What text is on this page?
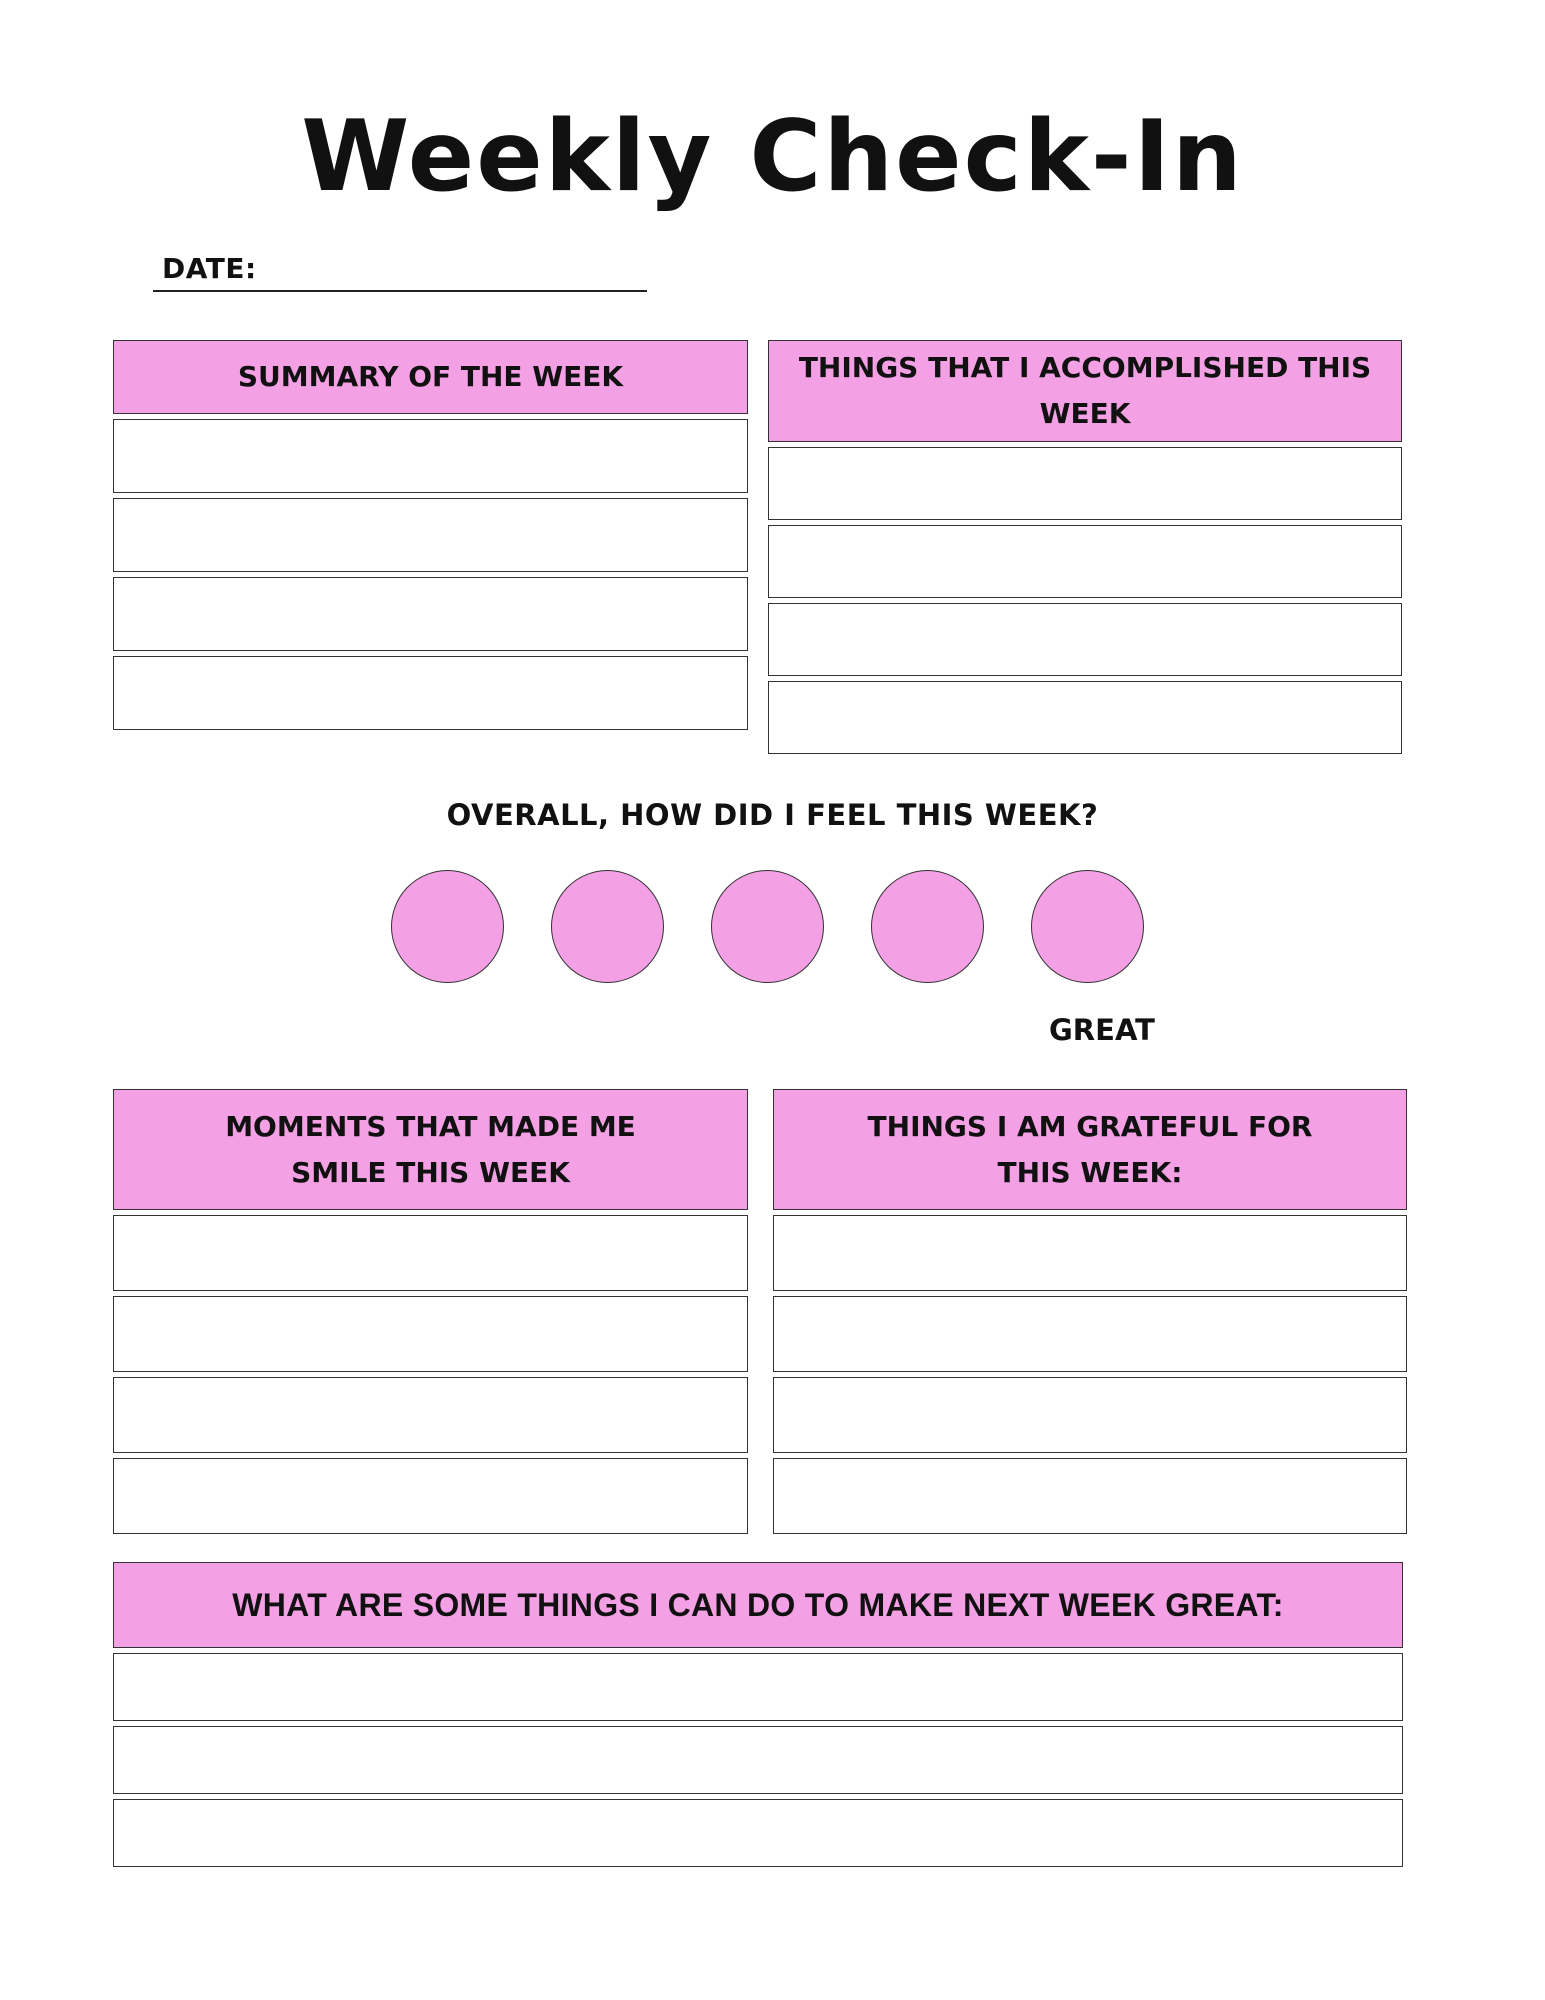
Weekly Check-In
DATE:
SUMMARY OF THE WEEK	THINGS THAT I ACCOMPLISHED THIS
WEEK
OVERALL, HOW DID I FEEL THIS WEEK?
GREAT
MOMENTS THAT MADE ME
SMILE THIS WEEK
THINGS I AM GRATEFUL FOR
THIS WEEK:
WHAT ARE SOME THINGS I CAN DO TO MAKE NEXT WEEK GREAT:
